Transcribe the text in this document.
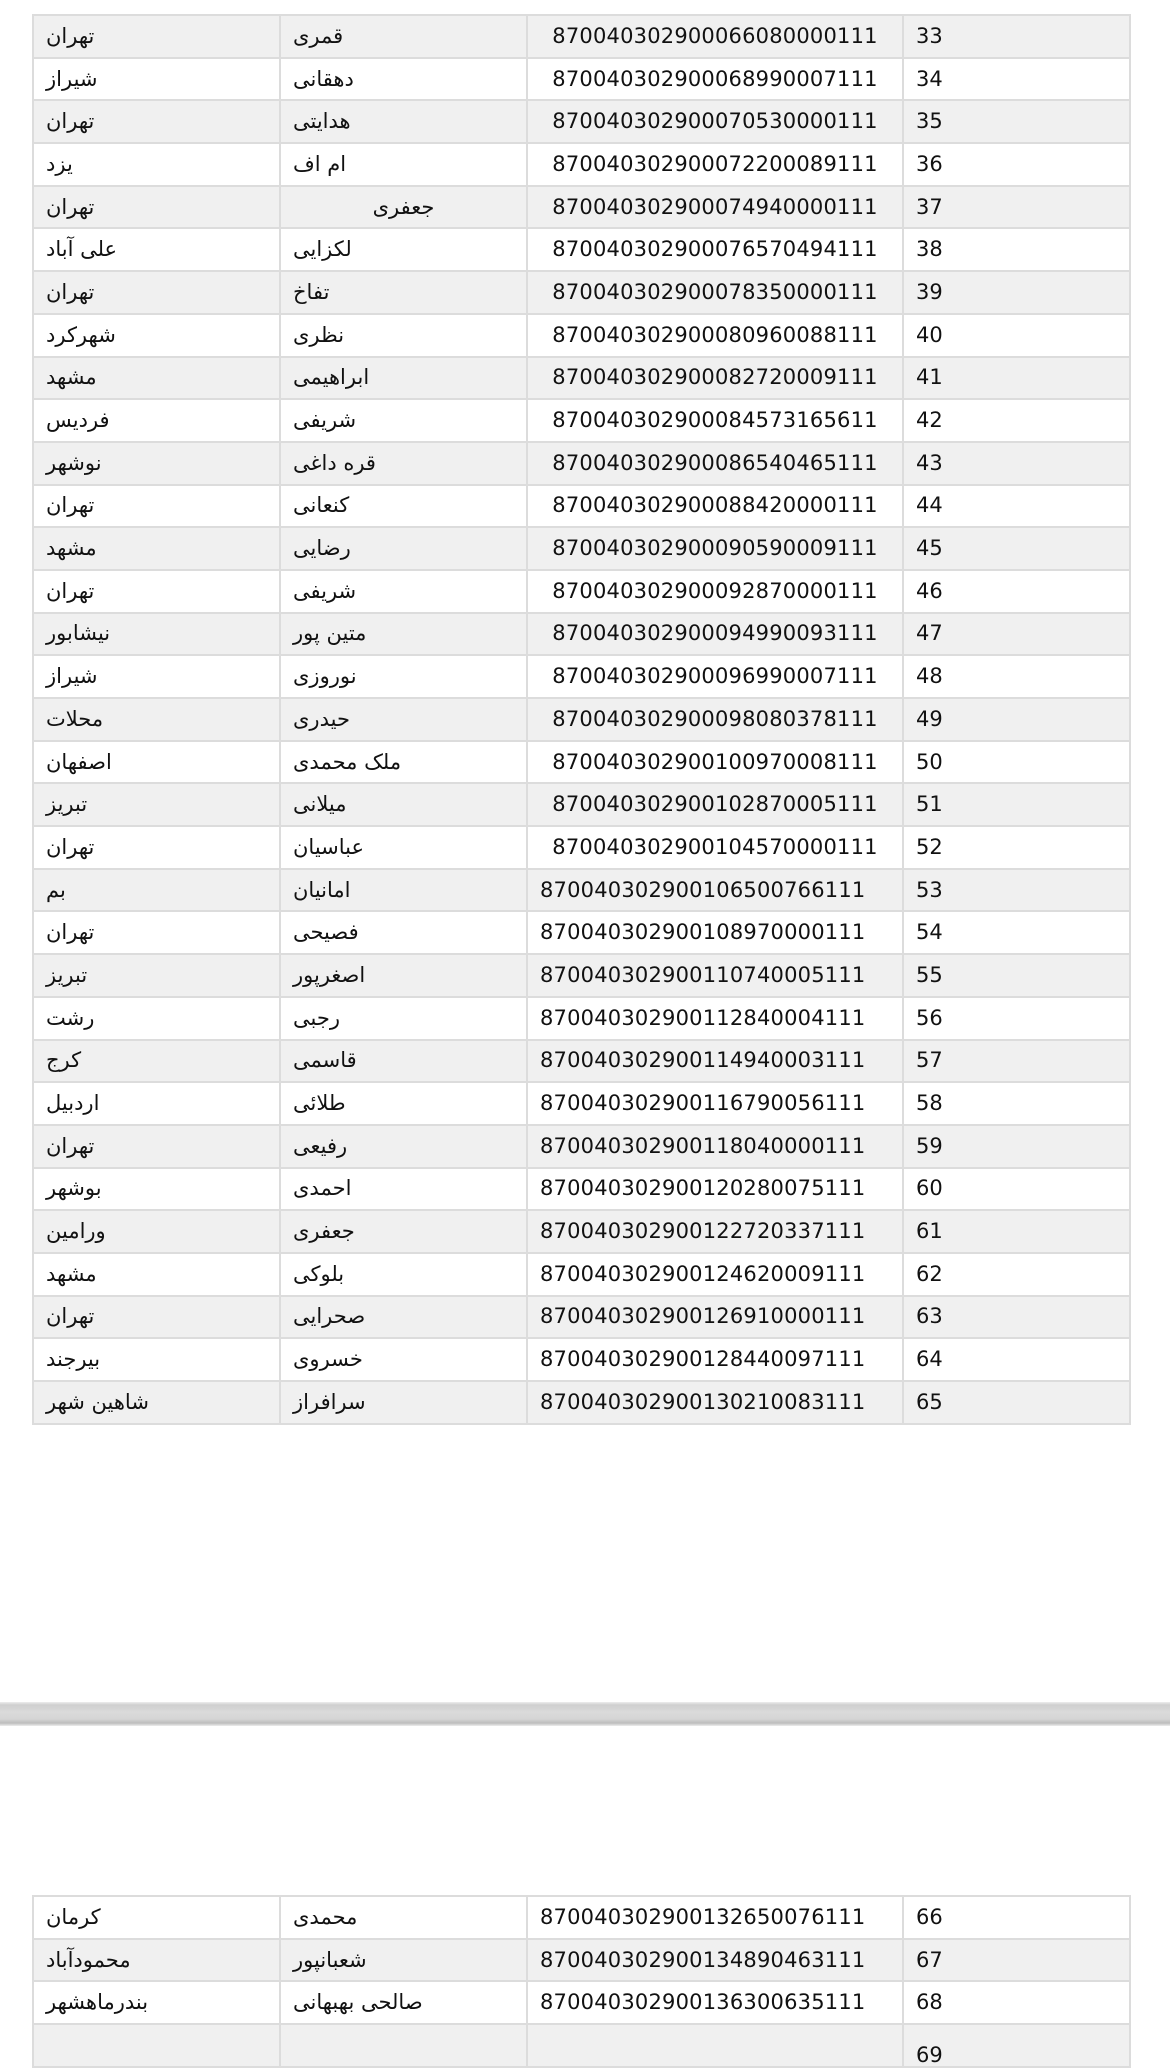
تهران	قمری	870040302900066080000111	33
شیراز	دهقانی	870040302900068990007111	34
تهران	هدایتی	870040302900070530000111	35
یزد	ام اف	870040302900072200089111	36
تهران	جعفری	870040302900074940000111	37
علی آباد	لکزایی	870040302900076570494111	38
تهران	تفاخ	870040302900078350000111	39
شهرکرد	نظری	870040302900080960088111	40
مشهد	ابراهیمی	870040302900082720009111	41
فردیس	شریفی	870040302900084573165611	42
نوشهر	قره داغی	870040302900086540465111	43
تهران	کنعانی	870040302900088420000111	44
مشهد	رضایی	870040302900090590009111	45
تهران	شریفی	870040302900092870000111	46
نیشابور	متین پور	870040302900094990093111	47
شیراز	نوروزی	870040302900096990007111	48
محلات	حیدری	870040302900098080378111	49
اصفهان	ملک محمدی	870040302900100970008111	50
تبریز	میلانی	870040302900102870005111	51
تهران	عباسیان	870040302900104570000111	52
بم	امانیان	870040302900106500766111	53
تهران	فصیحی	870040302900108970000111	54
تبریز	اصغرپور	870040302900110740005111	55
رشت	رجبی	870040302900112840004111	56
کرج	قاسمی	870040302900114940003111	57
اردبیل	طلائی	870040302900116790056111	58
تهران	رفیعی	870040302900118040000111	59
بوشهر	احمدی	870040302900120280075111	60
ورامین	جعفری	870040302900122720337111	61
مشهد	بلوکی	870040302900124620009111	62
تهران	صحرایی	870040302900126910000111	63
بیرجند	خسروی	870040302900128440097111	64
شاهین شهر	سرافراز	870040302900130210083111	65
کرمان	محمدی	870040302900132650076111	66
محمودآباد	شعبانپور	870040302900134890463111	67
بندرماهشهر	صالحی بهبهانی	870040302900136300635111	68
			69
